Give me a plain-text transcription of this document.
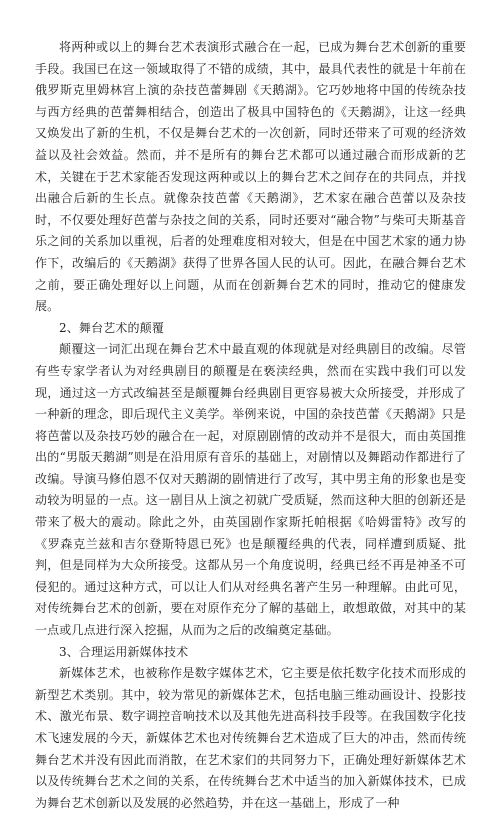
将两种或以上的舞台艺术表演形式融合在一起，已成为舞台艺术创新的重要手段。我国已在这一领域取得了不错的成绩，其中，最具代表性的就是十年前在俄罗斯克里姆林宫上演的杂技芭蕾舞剧《天鹅湖》。它巧妙地将中国的传统杂技与西方经典的芭蕾舞相结合，创造出了极具中国特色的《天鹅湖》，让这一经典又焕发出了新的生机，不仅是舞台艺术的一次创新，同时还带来了可观的经济效益以及社会效益。然而，并不是所有的舞台艺术都可以通过融合而形成新的艺术，关键在于艺术家能否发现这两种或以上的舞台艺术之间存在的共同点，并找出融合后新的生长点。就像杂技芭蕾《天鹅湖》，艺术家在融合芭蕾以及杂技时，不仅要处理好芭蕾与杂技之间的关系，同时还要对“融合物”与柴可夫斯基音乐之间的关系加以重视，后者的处理难度相对较大，但是在中国艺术家的通力协作下，改编后的《天鹅湖》获得了世界各国人民的认可。因此，在融合舞台艺术之前，要正确处理好以上问题，从而在创新舞台艺术的同时，推动它的健康发展。

2、舞台艺术的颠覆

颠覆这一词汇出现在舞台艺术中最直观的体现就是对经典剧目的改编。尽管有些专家学者认为对经典剧目的颠覆是在亵渎经典，然而在实践中我们可以发现，通过这一方式改编甚至是颠覆舞台经典剧目更容易被大众所接受，并形成了一种新的理念，即后现代主义美学。举例来说，中国的杂技芭蕾《天鹅湖》只是将芭蕾以及杂技巧妙的融合在一起，对原剧剧情的改动并不是很大，而由英国推出的“男版天鹅湖”则是在沿用原有音乐的基础上，对剧情以及舞蹈动作都进行了改编。导演马修伯恩不仅对天鹅湖的剧情进行了改写，其中男主角的形象也是变动较为明显的一点。这一剧目从上演之初就广受质疑，然而这种大胆的创新还是带来了极大的震动。除此之外，由英国剧作家斯托帕根据《哈姆雷特》改写的《罗森克兰兹和吉尔登斯特恩已死》也是颠覆经典的代表，同样遭到质疑、批判，但是同样为大众所接受。这都从另一个角度说明，经典已经不再是神圣不可侵犯的。通过这种方式，可以让人们从对经典名著产生另一种理解。由此可见，对传统舞台艺术的创新，要在对原作充分了解的基础上，敢想敢做，对其中的某一点或几点进行深入挖掘，从而为之后的改编奠定基础。

3、合理运用新媒体技术

新媒体艺术，也被称作是数字媒体艺术，它主要是依托数字化技术而形成的新型艺术类别。其中，较为常见的新媒体艺术，包括电脑三维动画设计、投影技术、激光布景、数字调控音响技术以及其他先进高科技手段等。在我国数字化技术飞速发展的今天，新媒体艺术也对传统舞台艺术造成了巨大的冲击，然而传统舞台艺术并没有因此而消散，在艺术家们的共同努力下，正确处理好新媒体艺术以及传统舞台艺术之间的关系，在传统舞台艺术中适当的加入新媒体技术，已成为舞台艺术创新以及发展的必然趋势，并在这一基础上，形成了一种
